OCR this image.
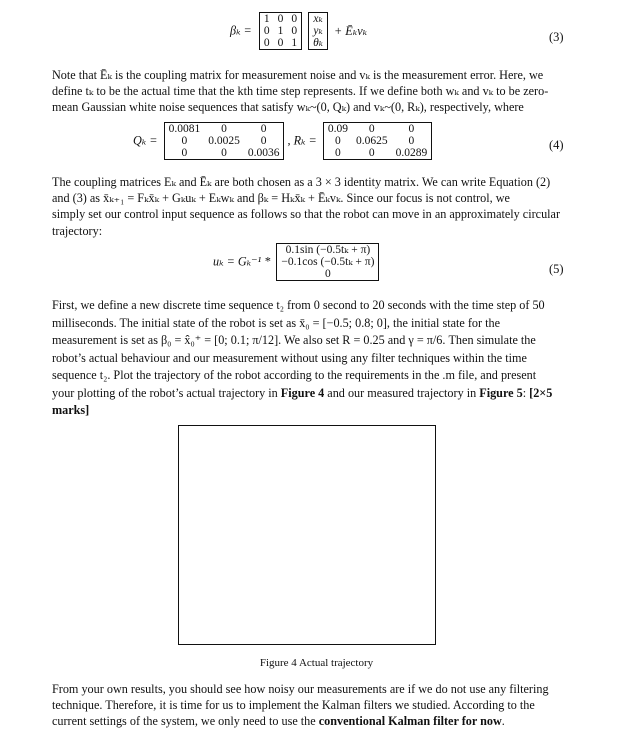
βₖ =
1	0	0
0	1	0
0	0	1

xₖ
yₖ
θₖ
+ Ēₖvₖ	(3)
Note that Ēₖ is the coupling matrix for measurement noise and vₖ is the measurement error. Here, we
define tₖ to be the actual time that the kth time step represents. If we define both wₖ and vₖ to be zero-
mean Gaussian white noise sequences that satisfy wₖ~(0, Qₖ) and vₖ~(0, Rₖ), respectively, where
Qₖ =
0.0081	0	0
0	0.0025	0
0	0	0.0036
, Rₖ =
0.09	0	0
0	0.0625	0
0	0	0.0289
(4)
The coupling matrices Eₖ and Ēₖ are both chosen as a 3 × 3 identity matrix. We can write Equation (2)
and (3) as x̄ₖ₊₁ = Fₖx̄ₖ + Gₖuₖ + Eₖwₖ and βₖ = Hₖx̄ₖ + Ēₖvₖ. Since our focus is not control, we
simply set our control input sequence as follows so that the robot can move in an approximately circular
trajectory:
uₖ = Gₖ⁻¹ *
0.1sin (−0.5tₖ + π)
−0.1cos (−0.5tₖ + π)
0	(5)
First, we define a new discrete time sequence t₂ from 0 second to 20 seconds with the time step of 50
milliseconds. The initial state of the robot is set as x̄₀ = [−0.5; 0.8; 0], the initial state for the
measurement is set as β₀ = x̂₀⁺ = [0; 0.1; π/12]. We also set R = 0.25 and γ = π/6. Then simulate the
robot’s actual behaviour and our measurement without using any filter techniques within the time
sequence t₂. Plot the trajectory of the robot according to the requirements in the .m file, and present
your plotting of the robot’s actual trajectory in Figure 4 and our measured trajectory in Figure 5: [2×5
marks]
Figure 4 Actual trajectory
From your own results, you should see how noisy our measurements are if we do not use any filtering
technique. Therefore, it is time for us to implement the Kalman filters we studied. According to the
current settings of the system, we only need to use the conventional Kalman filter for now.
